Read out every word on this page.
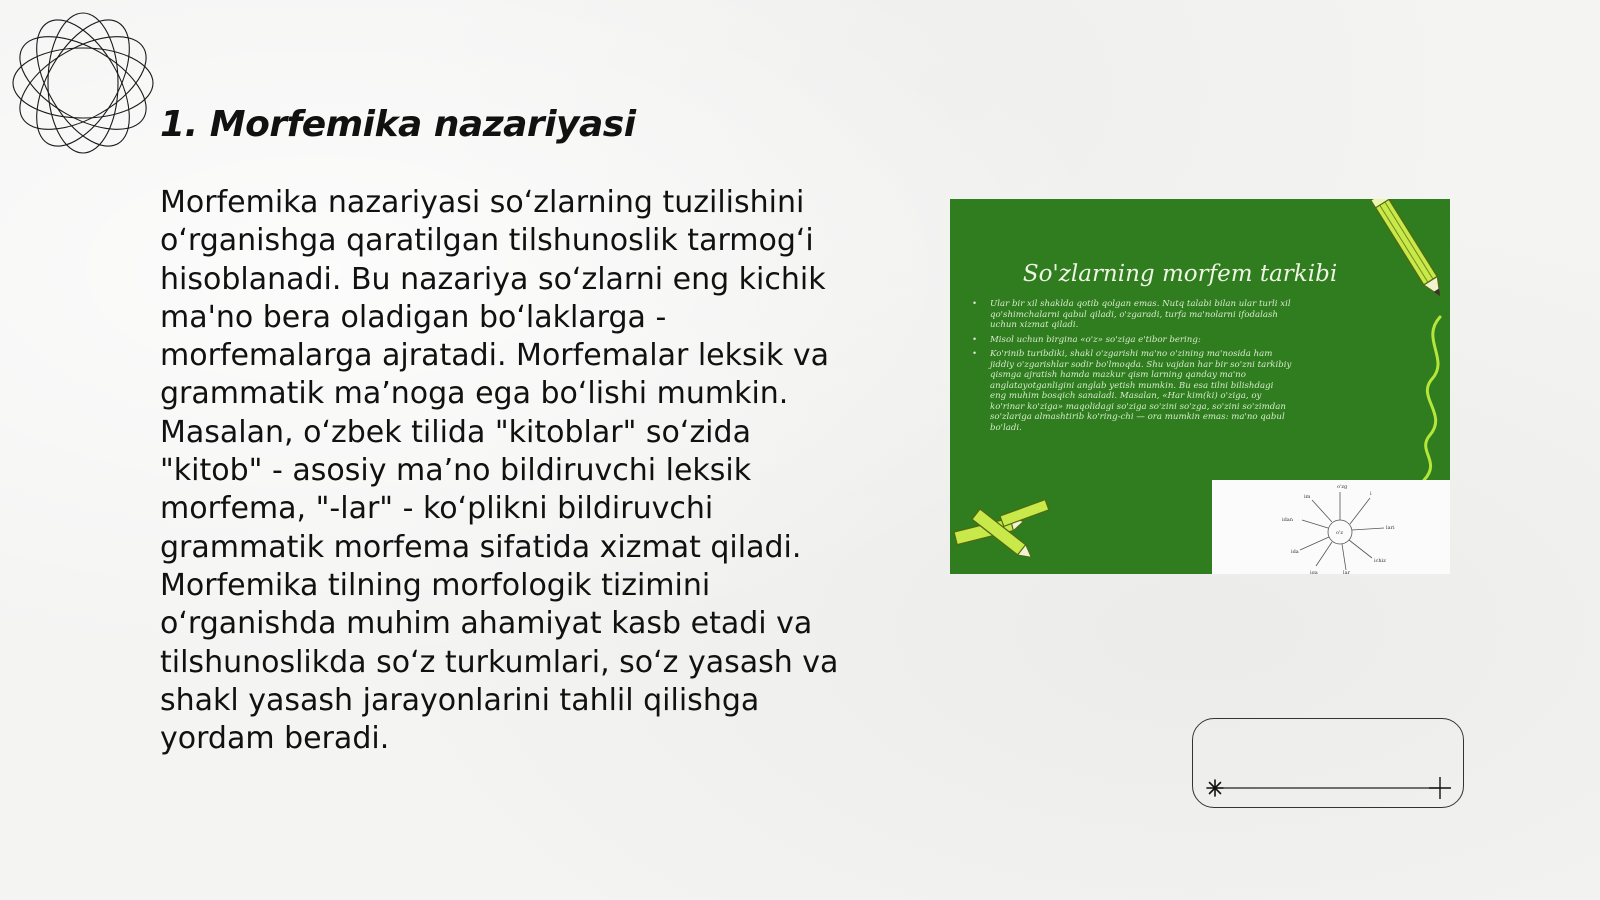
1. Morfemika nazariyasi

Morfemika nazariyasi soʻzlarning tuzilishini oʻrganishga qaratilgan tilshunoslik tarmogʻi hisoblanadi. Bu nazariya soʻzlarni eng kichik ma'no bera oladigan boʻlaklarga - morfemalarga ajratadi. Morfemalar leksik va grammatik maʼnoga ega boʻlishi mumkin. Masalan, oʻzbek tilida "kitoblar" soʻzida "kitob" - asosiy maʼno bildiruvchi leksik morfema, "-lar" - koʻplikni bildiruvchi grammatik morfema sifatida xizmat qiladi. Morfemika tilning morfologik tizimini oʻrganishda muhim ahamiyat kasb etadi va tilshunoslikda soʻz turkumlari, soʻz yasash va shakl yasash jarayonlarini tahlil qilishga yordam beradi.

So'zlarning morfem tarkibi
• Ular bir xil shaklda qotib qolgan emas. Nutq talabi bilan ular turli xil qo'shimchalarni qabul qiladi, o'zgaradi, turfa ma'nolarni ifodalash uchun xizmat qiladi.
• Misol uchun birgina «o'z» so'ziga e'tibor bering:
• Ko'rinib turibdiki, shakl o'zgarishi ma'no o'zining ma'nosida ham jiddiy o'zgarishlar sodir bo'lmoqda. Shu vajdan har bir so'zni tarkibiy qismga ajratish hamda mazkur qism larning qanday ma'no anglatayotganligini anglab yetish mumkin. Bu esa tilni bilishdagi eng muhim bosqich sanaladi. Masalan, «Har kim(ki) o'ziga, oy ko'rinar ko'ziga» maqolidagi so'ziga so'zini so'zga, so'zini so'zimdan so'zlariga almashtirib ko'ring-chi — ora mumkin emas: ma'no qabul bo'ladi.
o'zg
i
lari
ichiz
lar
iga
ida
idan
im
o'z
